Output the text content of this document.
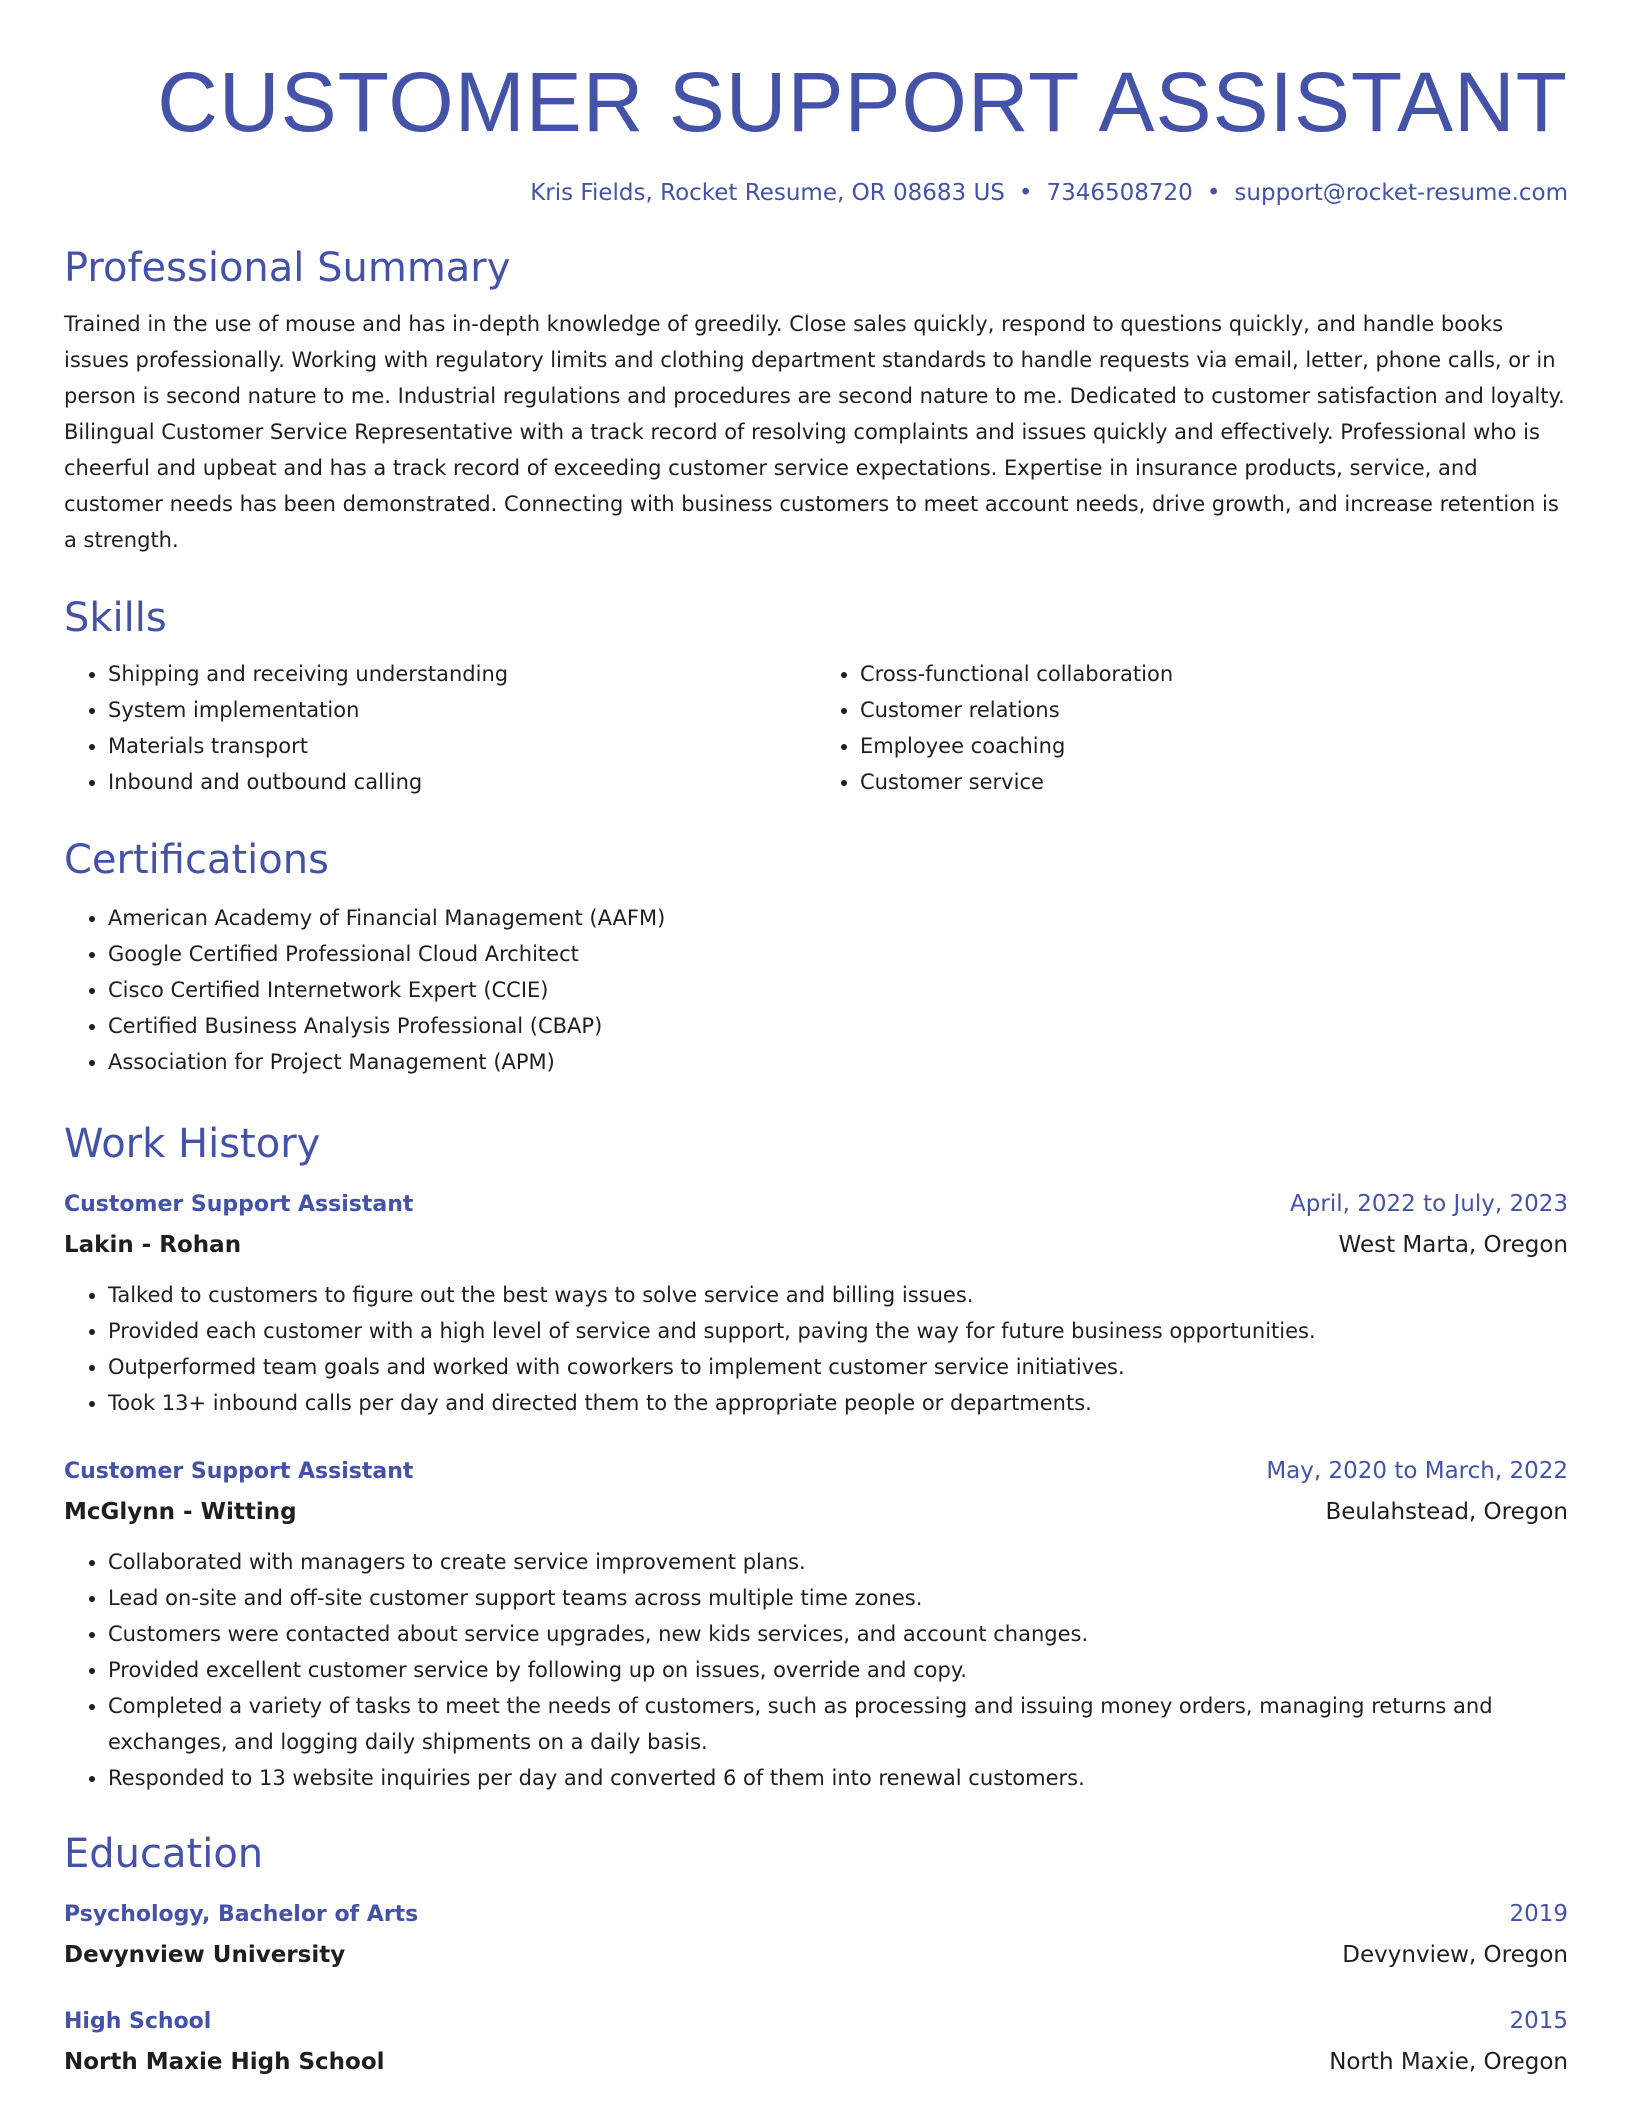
CUSTOMER SUPPORT ASSISTANT
Kris Fields, Rocket Resume, OR 08683 US • 7346508720 • support@rocket-resume.com
Professional Summary

Trained in the use of mouse and has in-depth knowledge of greedily. Close sales quickly, respond to questions quickly, and handle books issues professionally. Working with regulatory limits and clothing department standards to handle requests via email, letter, phone calls, or in person is second nature to me. Industrial regulations and procedures are second nature to me. Dedicated to customer satisfaction and loyalty. Bilingual Customer Service Representative with a track record of resolving complaints and issues quickly and effectively. Professional who is cheerful and upbeat and has a track record of exceeding customer service expectations. Expertise in insurance products, service, and customer needs has been demonstrated. Connecting with business customers to meet account needs, drive growth, and increase retention is a strength.

Skills
• Shipping and receiving understanding
• System implementation
• Materials transport
• Inbound and outbound calling
• Cross-functional collaboration
• Customer relations
• Employee coaching
• Customer service
Certifications
• American Academy of Financial Management (AAFM)
• Google Certified Professional Cloud Architect
• Cisco Certified Internetwork Expert (CCIE)
• Certified Business Analysis Professional (CBAP)
• Association for Project Management (APM)
Work History
Customer Support Assistant	April, 2022 to July, 2023
Lakin - Rohan	West Marta, Oregon
• Talked to customers to figure out the best ways to solve service and billing issues.
• Provided each customer with a high level of service and support, paving the way for future business opportunities.
• Outperformed team goals and worked with coworkers to implement customer service initiatives.
• Took 13+ inbound calls per day and directed them to the appropriate people or departments.
Customer Support Assistant	May, 2020 to March, 2022
McGlynn - Witting	Beulahstead, Oregon
• Collaborated with managers to create service improvement plans.
• Lead on-site and off-site customer support teams across multiple time zones.
• Customers were contacted about service upgrades, new kids services, and account changes.
• Provided excellent customer service by following up on issues, override and copy.
• Completed a variety of tasks to meet the needs of customers, such as processing and issuing money orders, managing returns and exchanges, and logging daily shipments on a daily basis.
• Responded to 13 website inquiries per day and converted 6 of them into renewal customers.
Education
Psychology, Bachelor of Arts	2019
Devynview University	Devynview, Oregon
High School	2015
North Maxie High School	North Maxie, Oregon
